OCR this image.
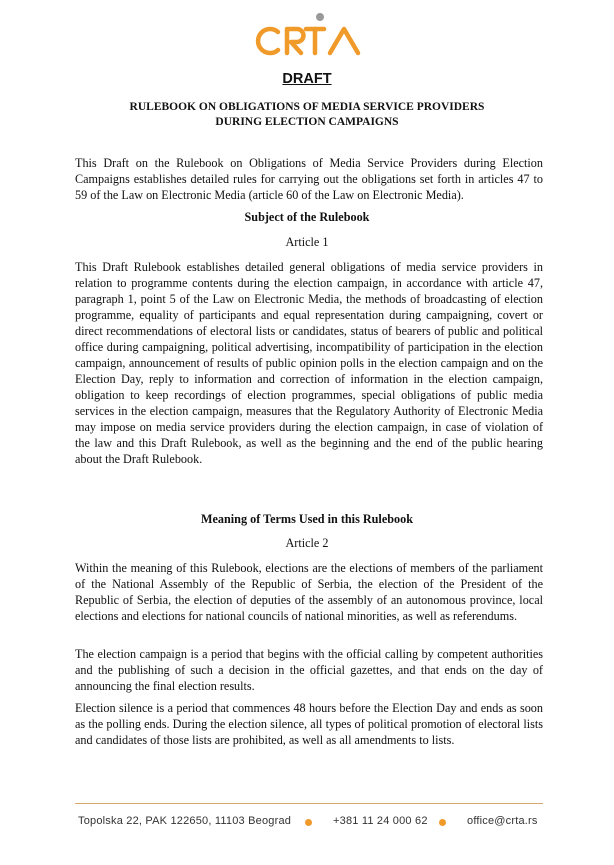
DRAFT
RULEBOOK ON OBLIGATIONS OF MEDIA SERVICE PROVIDERS
DURING ELECTION CAMPAIGNS
This Draft on the Rulebook on Obligations of Media Service Providers during Election Campaigns establishes detailed rules for carrying out the obligations set forth in articles 47 to 59 of the Law on Electronic Media (article 60 of the Law on Electronic Media).
Subject of the Rulebook
Article 1
This Draft Rulebook establishes detailed general obligations of media service providers in relation to programme contents during the election campaign, in accordance with article 47, paragraph 1, point 5 of the Law on Electronic Media, the methods of broadcasting of election programme, equality of participants and equal representation during campaigning, covert or direct recommendations of electoral lists or candidates, status of bearers of public and political office during campaigning, political advertising, incompatibility of participation in the election campaign, announcement of results of public opinion polls in the election campaign and on the Election Day, reply to information and correction of information in the election campaign, obligation to keep recordings of election programmes, special obligations of public media services in the election campaign, measures that the Regulatory Authority of Electronic Media may impose on media service providers during the election campaign, in case of violation of the law and this Draft Rulebook, as well as the beginning and the end of the public hearing about the Draft Rulebook.
Meaning of Terms Used in this Rulebook
Article 2
Within the meaning of this Rulebook, elections are the elections of members of the parliament of the National Assembly of the Republic of Serbia, the election of the President of the Republic of Serbia, the election of deputies of the assembly of an autonomous province, local elections and elections for national councils of national minorities, as well as referendums.
The election campaign is a period that begins with the official calling by competent authorities and the publishing of such a decision in the official gazettes, and that ends on the day of announcing the final election results.
Election silence is a period that commences 48 hours before the Election Day and ends as soon as the polling ends. During the election silence, all types of political promotion of electoral lists and candidates of those lists are prohibited, as well as all amendments to lists.
Topolska 22, PAK 122650, 11103 Beograd	+381 11 24 000 62	office@crta.rs
